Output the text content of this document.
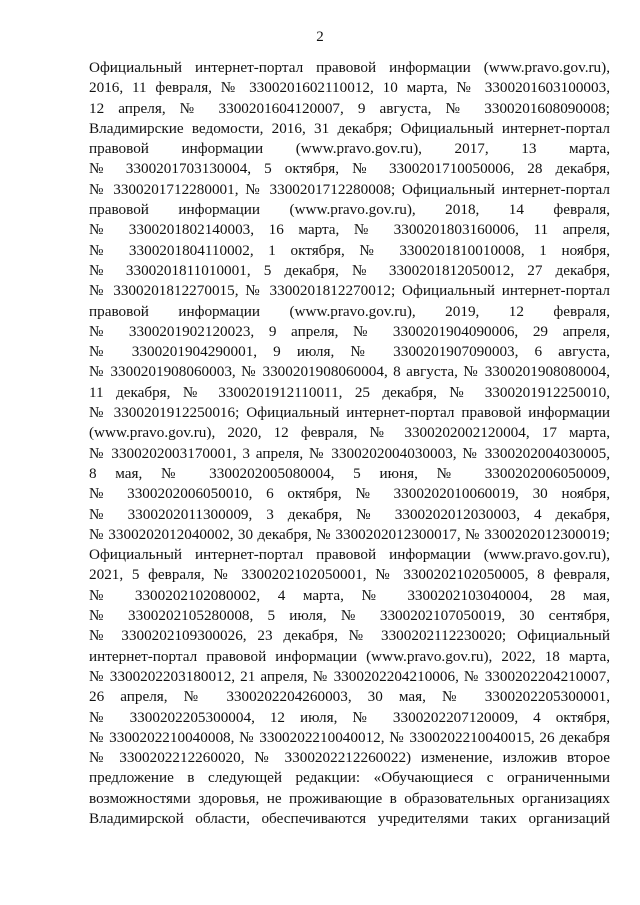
2
Официальный интернет-портал правовой информации (www.pravo.gov.ru),
2016, 11 февраля, № 3300201602110012, 10 марта, № 3300201603100003,
12 апреля, № 3300201604120007, 9 августа, № 3300201608090008;
Владимирские ведомости, 2016, 31 декабря; Официальный интернет-портал
правовой информации (www.pravo.gov.ru), 2017, 13 марта,
№ 3300201703130004, 5 октября, № 3300201710050006, 28 декабря,
№ 3300201712280001, № 3300201712280008; Официальный интернет-портал
правовой информации (www.pravo.gov.ru), 2018, 14 февраля,
№ 3300201802140003, 16 марта, № 3300201803160006, 11 апреля,
№ 3300201804110002, 1 октября, № 3300201810010008, 1 ноября,
№ 3300201811010001, 5 декабря, № 3300201812050012, 27 декабря,
№ 3300201812270015, № 3300201812270012; Официальный интернет-портал
правовой информации (www.pravo.gov.ru), 2019, 12 февраля,
№ 3300201902120023, 9 апреля, № 3300201904090006, 29 апреля,
№ 3300201904290001, 9 июля, № 3300201907090003, 6 августа,
№ 3300201908060003, № 3300201908060004, 8 августа, № 3300201908080004,
11 декабря, № 3300201912110011, 25 декабря, № 3300201912250010,
№ 3300201912250016; Официальный интернет-портал правовой информации
(www.pravo.gov.ru), 2020, 12 февраля, № 3300202002120004, 17 марта,
№ 3300202003170001, 3 апреля, № 3300202004030003, № 3300202004030005,
8 мая, № 3300202005080004, 5 июня, № 3300202006050009,
№ 3300202006050010, 6 октября, № 3300202010060019, 30 ноября,
№ 3300202011300009, 3 декабря, № 3300202012030003, 4 декабря,
№ 3300202012040002, 30 декабря, № 3300202012300017, № 3300202012300019;
Официальный интернет-портал правовой информации (www.pravo.gov.ru),
2021, 5 февраля, № 3300202102050001, № 3300202102050005, 8 февраля,
№ 3300202102080002, 4 марта, № 3300202103040004, 28 мая,
№ 3300202105280008, 5 июля, № 3300202107050019, 30 сентября,
№ 3300202109300026, 23 декабря, № 3300202112230020; Официальный
интернет-портал правовой информации (www.pravo.gov.ru), 2022, 18 марта,
№ 3300202203180012, 21 апреля, № 3300202204210006, № 3300202204210007,
26 апреля, № 3300202204260003, 30 мая, № 3300202205300001,
№ 3300202205300004, 12 июля, № 3300202207120009, 4 октября,
№ 3300202210040008, № 3300202210040012, № 3300202210040015, 26 декабря
№ 3300202212260020, № 3300202212260022) изменение, изложив второе
предложение в следующей редакции: «Обучающиеся с ограниченными
возможностями здоровья, не проживающие в образовательных организациях
Владимирской области, обеспечиваются учредителями таких организаций
